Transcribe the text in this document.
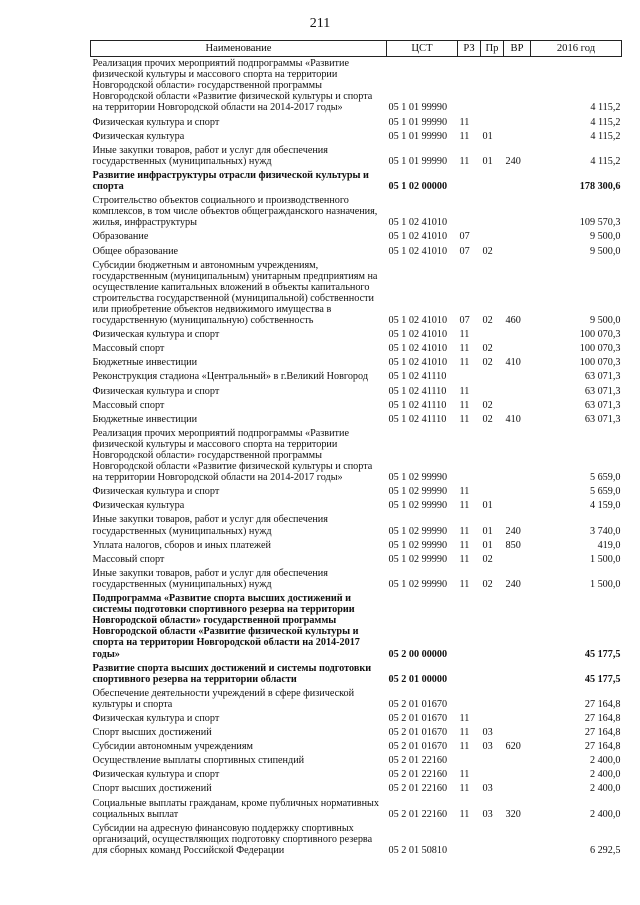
211
Наименование	ЦСТ	РЗ	Пр	ВР	2016 год
Реализация прочих мероприятий подпрограммы «Развитие физической культуры и массового спорта на территории Новгородской области» государственной программы Новгородской области «Развитие физической культуры и спорта на территории Новгородской области на 2014-2017 годы»	05 1 01 99990				4 115,2
Физическая культура и спорт	05 1 01 99990	11			4 115,2
Физическая культура	05 1 01 99990	11	01		4 115,2
Иные закупки товаров, работ и услуг для обеспечения государственных (муниципальных) нужд	05 1 01 99990	11	01	240	4 115,2
Развитие инфраструктуры отрасли физической культуры и спорта	05 1 02 00000				178 300,6
Строительство объектов социального и производственного комплексов, в том числе объектов общегражданского назначения, жилья, инфраструктуры	05 1 02 41010				109 570,3
Образование	05 1 02 41010	07			9 500,0
Общее образование	05 1 02 41010	07	02		9 500,0
Субсидии бюджетным и автономным учреждениям, государственным (муниципальным) унитарным предприятиям на осуществление капитальных вложений в объекты капитального строительства государственной (муниципальной) собственности или приобретение объектов недвижимого имущества в государственную (муниципальную) собственность	05 1 02 41010	07	02	460	9 500,0
Физическая культура и спорт	05 1 02 41010	11			100 070,3
Массовый спорт	05 1 02 41010	11	02		100 070,3
Бюджетные инвестиции	05 1 02 41010	11	02	410	100 070,3
Реконструкция стадиона «Центральный» в г.Великий Новгород	05 1 02 41110				63 071,3
Физическая культура и спорт	05 1 02 41110	11			63 071,3
Массовый спорт	05 1 02 41110	11	02		63 071,3
Бюджетные инвестиции	05 1 02 41110	11	02	410	63 071,3
Реализация прочих мероприятий подпрограммы «Развитие физической культуры и массового спорта на территории Новгородской области» государственной программы Новгородской области «Развитие физической культуры и спорта на территории Новгородской области на 2014-2017 годы»	05 1 02 99990				5 659,0
Физическая культура и спорт	05 1 02 99990	11			5 659,0
Физическая культура	05 1 02 99990	11	01		4 159,0
Иные закупки товаров, работ и услуг для обеспечения государственных (муниципальных) нужд	05 1 02 99990	11	01	240	3 740,0
Уплата налогов, сборов и иных платежей	05 1 02 99990	11	01	850	419,0
Массовый спорт	05 1 02 99990	11	02		1 500,0
Иные закупки товаров, работ и услуг для обеспечения государственных (муниципальных) нужд	05 1 02 99990	11	02	240	1 500,0
Подпрограмма «Развитие спорта высших достижений и системы подготовки спортивного резерва на территории Новгородской области» государственной программы Новгородской области «Развитие физической культуры и спорта на территории Новгородской области на 2014-2017 годы»	05 2 00 00000				45 177,5
Развитие спорта высших достижений и системы подготовки спортивного резерва на территории области	05 2 01 00000				45 177,5
Обеспечение деятельности учреждений в сфере физической культуры и спорта	05 2 01 01670				27 164,8
Физическая культура и спорт	05 2 01 01670	11			27 164,8
Спорт высших достижений	05 2 01 01670	11	03		27 164,8
Субсидии автономным учреждениям	05 2 01 01670	11	03	620	27 164,8
Осуществление выплаты спортивных стипендий	05 2 01 22160				2 400,0
Физическая культура и спорт	05 2 01 22160	11			2 400,0
Спорт высших достижений	05 2 01 22160	11	03		2 400,0
Социальные выплаты гражданам, кроме публичных нормативных социальных выплат	05 2 01 22160	11	03	320	2 400,0
Субсидии на адресную финансовую поддержку спортивных организаций, осуществляющих подготовку спортивного резерва для сборных команд Российской Федерации	05 2 01 50810				6 292,5
